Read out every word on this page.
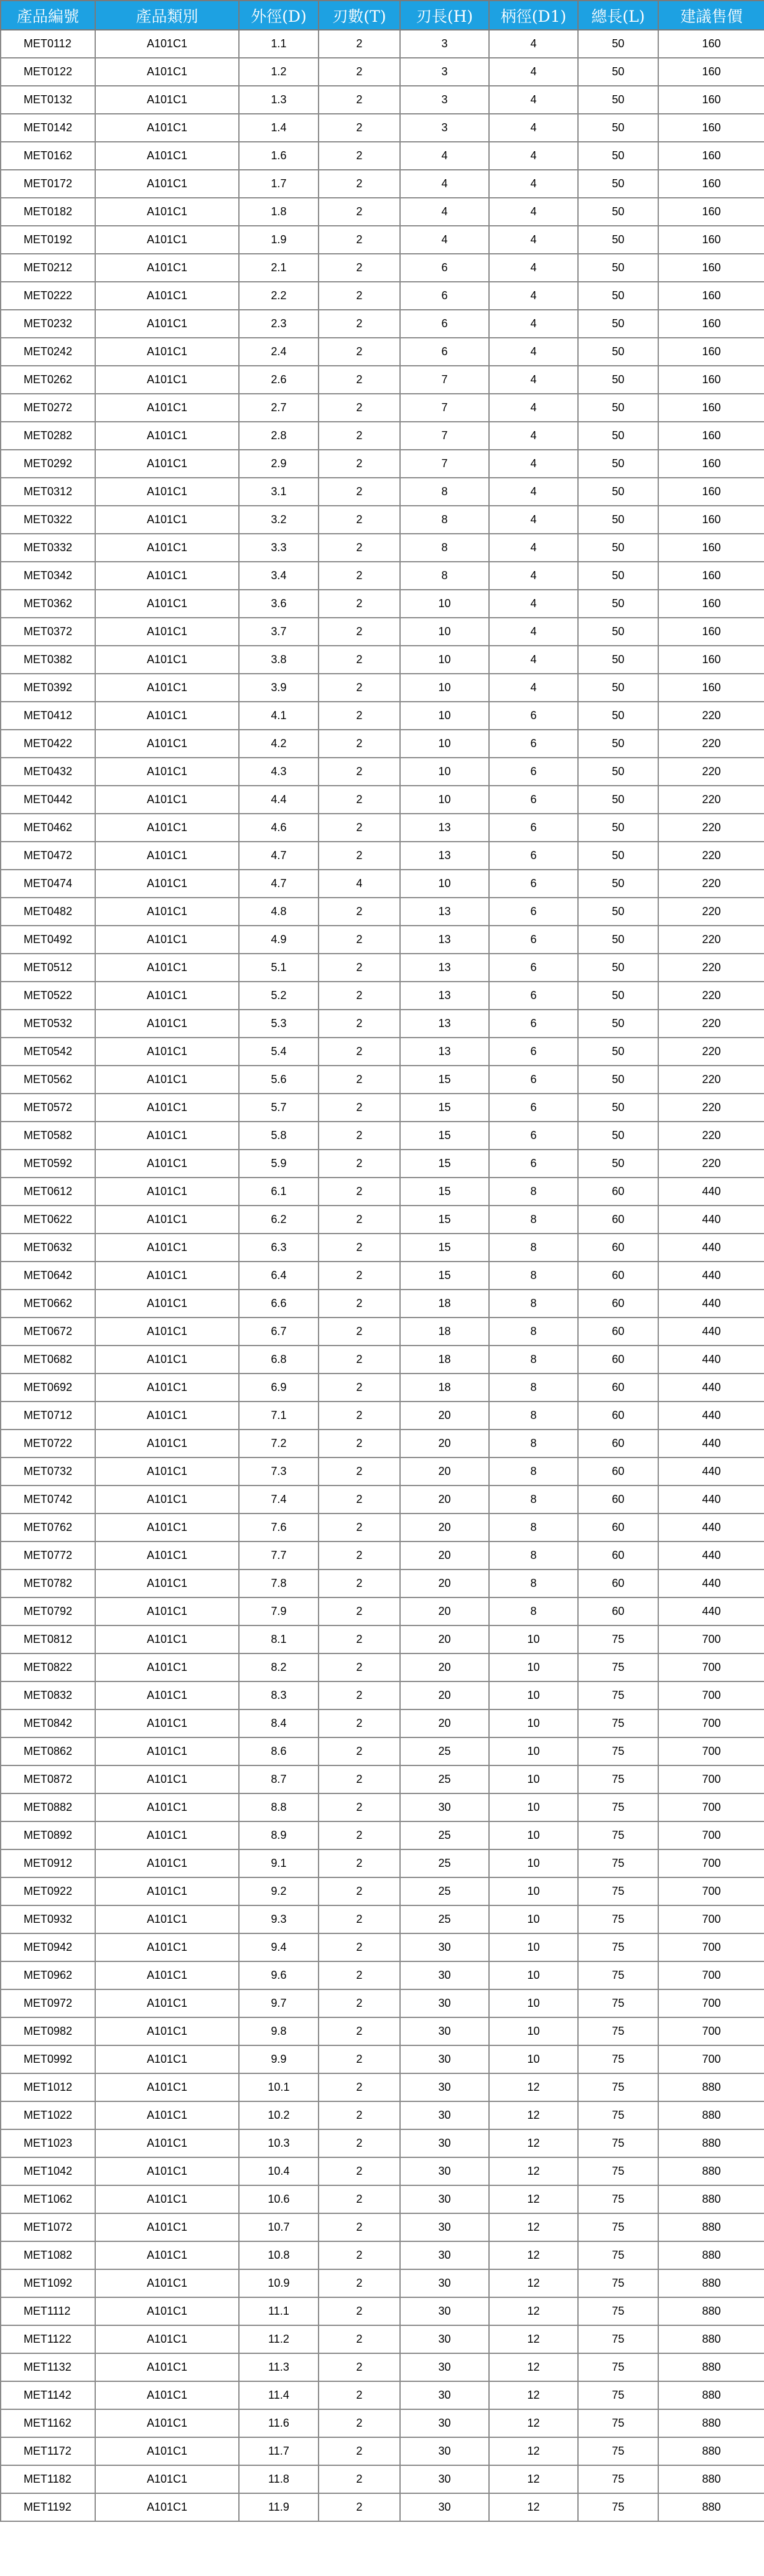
產品編號	產品類別	外徑(D)	刃數(T)	刃長(H)	柄徑(D1)	總長(L)	建議售價
MET0112	A101C1	1.1	2	3	4	50	160
MET0122	A101C1	1.2	2	3	4	50	160
MET0132	A101C1	1.3	2	3	4	50	160
MET0142	A101C1	1.4	2	3	4	50	160
MET0162	A101C1	1.6	2	4	4	50	160
MET0172	A101C1	1.7	2	4	4	50	160
MET0182	A101C1	1.8	2	4	4	50	160
MET0192	A101C1	1.9	2	4	4	50	160
MET0212	A101C1	2.1	2	6	4	50	160
MET0222	A101C1	2.2	2	6	4	50	160
MET0232	A101C1	2.3	2	6	4	50	160
MET0242	A101C1	2.4	2	6	4	50	160
MET0262	A101C1	2.6	2	7	4	50	160
MET0272	A101C1	2.7	2	7	4	50	160
MET0282	A101C1	2.8	2	7	4	50	160
MET0292	A101C1	2.9	2	7	4	50	160
MET0312	A101C1	3.1	2	8	4	50	160
MET0322	A101C1	3.2	2	8	4	50	160
MET0332	A101C1	3.3	2	8	4	50	160
MET0342	A101C1	3.4	2	8	4	50	160
MET0362	A101C1	3.6	2	10	4	50	160
MET0372	A101C1	3.7	2	10	4	50	160
MET0382	A101C1	3.8	2	10	4	50	160
MET0392	A101C1	3.9	2	10	4	50	160
MET0412	A101C1	4.1	2	10	6	50	220
MET0422	A101C1	4.2	2	10	6	50	220
MET0432	A101C1	4.3	2	10	6	50	220
MET0442	A101C1	4.4	2	10	6	50	220
MET0462	A101C1	4.6	2	13	6	50	220
MET0472	A101C1	4.7	2	13	6	50	220
MET0474	A101C1	4.7	4	10	6	50	220
MET0482	A101C1	4.8	2	13	6	50	220
MET0492	A101C1	4.9	2	13	6	50	220
MET0512	A101C1	5.1	2	13	6	50	220
MET0522	A101C1	5.2	2	13	6	50	220
MET0532	A101C1	5.3	2	13	6	50	220
MET0542	A101C1	5.4	2	13	6	50	220
MET0562	A101C1	5.6	2	15	6	50	220
MET0572	A101C1	5.7	2	15	6	50	220
MET0582	A101C1	5.8	2	15	6	50	220
MET0592	A101C1	5.9	2	15	6	50	220
MET0612	A101C1	6.1	2	15	8	60	440
MET0622	A101C1	6.2	2	15	8	60	440
MET0632	A101C1	6.3	2	15	8	60	440
MET0642	A101C1	6.4	2	15	8	60	440
MET0662	A101C1	6.6	2	18	8	60	440
MET0672	A101C1	6.7	2	18	8	60	440
MET0682	A101C1	6.8	2	18	8	60	440
MET0692	A101C1	6.9	2	18	8	60	440
MET0712	A101C1	7.1	2	20	8	60	440
MET0722	A101C1	7.2	2	20	8	60	440
MET0732	A101C1	7.3	2	20	8	60	440
MET0742	A101C1	7.4	2	20	8	60	440
MET0762	A101C1	7.6	2	20	8	60	440
MET0772	A101C1	7.7	2	20	8	60	440
MET0782	A101C1	7.8	2	20	8	60	440
MET0792	A101C1	7.9	2	20	8	60	440
MET0812	A101C1	8.1	2	20	10	75	700
MET0822	A101C1	8.2	2	20	10	75	700
MET0832	A101C1	8.3	2	20	10	75	700
MET0842	A101C1	8.4	2	20	10	75	700
MET0862	A101C1	8.6	2	25	10	75	700
MET0872	A101C1	8.7	2	25	10	75	700
MET0882	A101C1	8.8	2	30	10	75	700
MET0892	A101C1	8.9	2	25	10	75	700
MET0912	A101C1	9.1	2	25	10	75	700
MET0922	A101C1	9.2	2	25	10	75	700
MET0932	A101C1	9.3	2	25	10	75	700
MET0942	A101C1	9.4	2	30	10	75	700
MET0962	A101C1	9.6	2	30	10	75	700
MET0972	A101C1	9.7	2	30	10	75	700
MET0982	A101C1	9.8	2	30	10	75	700
MET0992	A101C1	9.9	2	30	10	75	700
MET1012	A101C1	10.1	2	30	12	75	880
MET1022	A101C1	10.2	2	30	12	75	880
MET1023	A101C1	10.3	2	30	12	75	880
MET1042	A101C1	10.4	2	30	12	75	880
MET1062	A101C1	10.6	2	30	12	75	880
MET1072	A101C1	10.7	2	30	12	75	880
MET1082	A101C1	10.8	2	30	12	75	880
MET1092	A101C1	10.9	2	30	12	75	880
MET1112	A101C1	11.1	2	30	12	75	880
MET1122	A101C1	11.2	2	30	12	75	880
MET1132	A101C1	11.3	2	30	12	75	880
MET1142	A101C1	11.4	2	30	12	75	880
MET1162	A101C1	11.6	2	30	12	75	880
MET1172	A101C1	11.7	2	30	12	75	880
MET1182	A101C1	11.8	2	30	12	75	880
MET1192	A101C1	11.9	2	30	12	75	880
